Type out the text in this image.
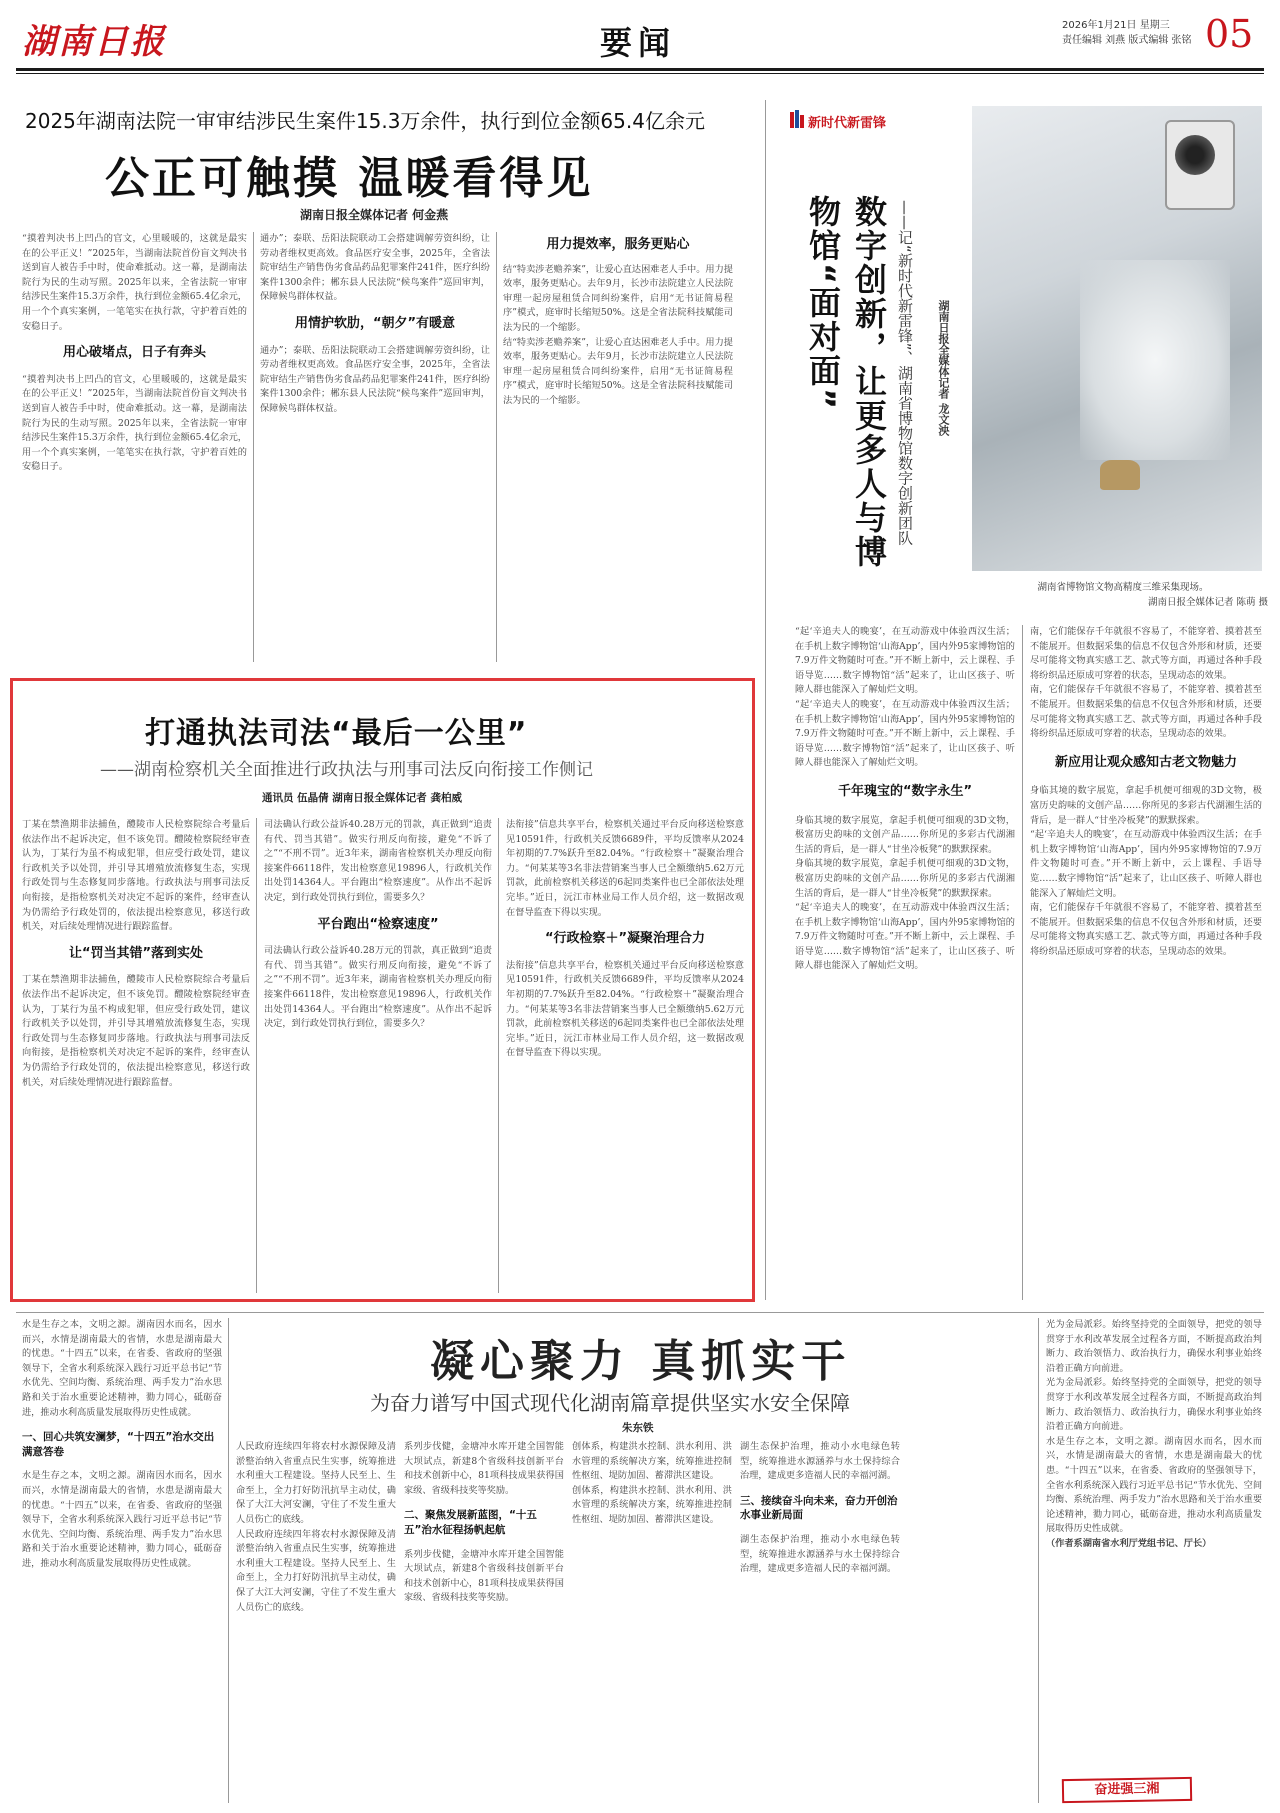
湖南日报	要闻	2026年1月21日 星期三
责任编辑 刘燕 版式编辑 张铭 05
2025年湖南法院一审审结涉民生案件15.3万余件，执行到位金额65.4亿余元
公正可触摸 温暖看得见
湖南日报全媒体记者 何金燕

“摸着判决书上凹凸的官文，心里暖暖的，这就是最实在的公平正义！”2025年，当湖南法院首份盲文判决书送到盲人被告手中时，使命难抵动。这一幕，是湖南法院行为民的生动写照。2025年以来，全省法院一审审结涉民生案件15.3万余件，执行到位金额65.4亿余元，用一个个真实案例，一笔笔实在执行款，守护着百姓的安稳日子。

用心破堵点，日子有奔头

“摸着判决书上凹凸的官文，心里暖暖的，这就是最实在的公平正义！”2025年，当湖南法院首份盲文判决书送到盲人被告手中时，使命难抵动。这一幕，是湖南法院行为民的生动写照。2025年以来，全省法院一审审结涉民生案件15.3万余件，执行到位金额65.4亿余元，用一个个真实案例，一笔笔实在执行款，守护着百姓的安稳日子。

通办”；泰联、岳阳法院联动工会搭建调解劳资纠纷，让劳动者维权更高效。食品医疗安全事，2025年，全省法院审结生产销售伪劣食品药品犯罪案件241件，医疗纠纷案件1300余件；郴东县人民法院“候鸟案件”巡回审判，保障候鸟群体权益。

用情护软肋，“朝夕”有暖意

通办”；泰联、岳阳法院联动工会搭建调解劳资纠纷，让劳动者维权更高效。食品医疗安全事，2025年，全省法院审结生产销售伪劣食品药品犯罪案件241件，医疗纠纷案件1300余件；郴东县人民法院“候鸟案件”巡回审判，保障候鸟群体权益。

用力提效率，服务更贴心

结“特卖涉老赡养案”，让爱心直达困难老人手中。用力提效率，服务更贴心。去年9月，长沙市法院建立人民法院审理一起房屋租赁合同纠纷案件，启用“无书证简易程序”模式，庭审时长缩短50%。这是全省法院科技赋能司法为民的一个缩影。

结“特卖涉老赡养案”，让爱心直达困难老人手中。用力提效率，服务更贴心。去年9月，长沙市法院建立人民法院审理一起房屋租赁合同纠纷案件，启用“无书证简易程序”模式，庭审时长缩短50%。这是全省法院科技赋能司法为民的一个缩影。

新时代新雷锋
数字创新，让更多人与博物馆“面对面”	——记“新时代新雷锋”、湖南省博物馆数字创新团队 湖南日报全媒体记者 龙文泱
湖南省博物馆文物高精度三维采集现场。
湖南日报全媒体记者 陈萌 摄

“起‘辛追夫人的晚宴’，在互动游戏中体验西汉生活；在手机上数字博物馆‘山海App’，国内外95家博物馆的7.9万件文物随时可查。”开不断上新中，云上课程、手语导览……数字博物馆“活”起来了，让山区孩子、听障人群也能深入了解灿烂文明。

“起‘辛追夫人的晚宴’，在互动游戏中体验西汉生活；在手机上数字博物馆‘山海App’，国内外95家博物馆的7.9万件文物随时可查。”开不断上新中，云上课程、手语导览……数字博物馆“活”起来了，让山区孩子、听障人群也能深入了解灿烂文明。

千年瑰宝的“数字永生”

身临其境的数字展览，拿起手机便可细观的3D文物，极富历史韵味的文创产品……你所见的多彩古代湖湘生活的背后，是一群人“甘坐冷板凳”的默默探索。

身临其境的数字展览，拿起手机便可细观的3D文物，极富历史韵味的文创产品……你所见的多彩古代湖湘生活的背后，是一群人“甘坐冷板凳”的默默探索。

“起‘辛追夫人的晚宴’，在互动游戏中体验西汉生活；在手机上数字博物馆‘山海App’，国内外95家博物馆的7.9万件文物随时可查。”开不断上新中，云上课程、手语导览……数字博物馆“活”起来了，让山区孩子、听障人群也能深入了解灿烂文明。

南，它们能保存千年就很不容易了，不能穿着、摸着甚至不能展开。但数据采集的信息不仅包含外形和材质，还要尽可能将文物真实感工艺、款式等方面，再通过各种手段将纷织品还原成可穿着的状态，呈现动态的效果。

南，它们能保存千年就很不容易了，不能穿着、摸着甚至不能展开。但数据采集的信息不仅包含外形和材质，还要尽可能将文物真实感工艺、款式等方面，再通过各种手段将纷织品还原成可穿着的状态，呈现动态的效果。

新应用让观众感知古老文物魅力

身临其境的数字展览，拿起手机便可细观的3D文物，极富历史韵味的文创产品……你所见的多彩古代湖湘生活的背后，是一群人“甘坐冷板凳”的默默探索。

“起‘辛追夫人的晚宴’，在互动游戏中体验西汉生活；在手机上数字博物馆‘山海App’，国内外95家博物馆的7.9万件文物随时可查。”开不断上新中，云上课程、手语导览……数字博物馆“活”起来了，让山区孩子、听障人群也能深入了解灿烂文明。

南，它们能保存千年就很不容易了，不能穿着、摸着甚至不能展开。但数据采集的信息不仅包含外形和材质，还要尽可能将文物真实感工艺、款式等方面，再通过各种手段将纷织品还原成可穿着的状态，呈现动态的效果。

打通执法司法“最后一公里”
——湖南检察机关全面推进行政执法与刑事司法反向衔接工作侧记
通讯员 伍晶倩 湖南日报全媒体记者 龚柏威

丁某在禁渔期非法捕鱼，醴陵市人民检察院综合考量后依法作出不起诉决定，但不该免罚。醴陵检察院经审查认为，丁某行为虽不构成犯罪，但应受行政处罚，建议行政机关予以处罚，并引导其增殖放流修复生态，实现行政处罚与生态修复同步落地。行政执法与刑事司法反向衔接，是指检察机关对决定不起诉的案件，经审查认为仍需给予行政处罚的，依法提出检察意见，移送行政机关，对后续处理情况进行跟踪监督。

让“罚当其错”落到实处

丁某在禁渔期非法捕鱼，醴陵市人民检察院综合考量后依法作出不起诉决定，但不该免罚。醴陵检察院经审查认为，丁某行为虽不构成犯罪，但应受行政处罚，建议行政机关予以处罚，并引导其增殖放流修复生态，实现行政处罚与生态修复同步落地。行政执法与刑事司法反向衔接，是指检察机关对决定不起诉的案件，经审查认为仍需给予行政处罚的，依法提出检察意见，移送行政机关，对后续处理情况进行跟踪监督。

司法确认行政公益诉40.28万元的罚款，真正做到“追责有代、罚当其错”。做实行刑反向衔接，避免“不诉了之”“不刑不罚”。近3年来，湖南省检察机关办理反向衔接案件66118件，发出检察意见19896人，行政机关作出处罚14364人。平台跑出“检察速度”。从作出不起诉决定，到行政处罚执行到位，需要多久？

平台跑出“检察速度”

司法确认行政公益诉40.28万元的罚款，真正做到“追责有代、罚当其错”。做实行刑反向衔接，避免“不诉了之”“不刑不罚”。近3年来，湖南省检察机关办理反向衔接案件66118件，发出检察意见19896人，行政机关作出处罚14364人。平台跑出“检察速度”。从作出不起诉决定，到行政处罚执行到位，需要多久？

法衔接”信息共享平台，检察机关通过平台反向移送检察意见10591件，行政机关反馈6689件，平均反馈率从2024年初期的7.7%跃升至82.04%。“行政检察＋”凝聚治理合力。“何某某等3名非法营销案当事人已全额缴纳5.62万元罚款，此前检察机关移送的6起同类案件也已全部依法处理完毕。”近日，沅江市林业局工作人员介绍，这一数据改观在督导监查下得以实现。

“行政检察＋”凝聚治理合力

法衔接”信息共享平台，检察机关通过平台反向移送检察意见10591件，行政机关反馈6689件，平均反馈率从2024年初期的7.7%跃升至82.04%。“行政检察＋”凝聚治理合力。“何某某等3名非法营销案当事人已全额缴纳5.62万元罚款，此前检察机关移送的6起同类案件也已全部依法处理完毕。”近日，沅江市林业局工作人员介绍，这一数据改观在督导监查下得以实现。

凝心聚力 真抓实干
为奋力谱写中国式现代化湖南篇章提供坚实水安全保障
朱东铁

水是生存之本，文明之源。湖南因水而名，因水而兴，水情是湖南最大的省情，水患是湖南最大的忧患。“十四五”以来，在省委、省政府的坚强领导下，全省水利系统深入践行习近平总书记“节水优先、空间均衡、系统治理、两手发力”治水思路和关于治水重要论述精神，勠力同心，砥砺奋进，推动水利高质量发展取得历史性成就。

一、回心共筑安澜梦，“十四五”治水交出满意答卷

水是生存之本，文明之源。湖南因水而名，因水而兴，水情是湖南最大的省情，水患是湖南最大的忧患。“十四五”以来，在省委、省政府的坚强领导下，全省水利系统深入践行习近平总书记“节水优先、空间均衡、系统治理、两手发力”治水思路和关于治水重要论述精神，勠力同心，砥砺奋进，推动水利高质量发展取得历史性成就。

人民政府连续四年将农村水源保障及清淤整治纳入省重点民生实事，统筹推进水利重大工程建设。坚持人民至上、生命至上，全力打好防汛抗旱主动仗，确保了大江大河安澜，守住了不发生重大人员伤亡的底线。

人民政府连续四年将农村水源保障及清淤整治纳入省重点民生实事，统筹推进水利重大工程建设。坚持人民至上、生命至上，全力打好防汛抗旱主动仗，确保了大江大河安澜，守住了不发生重大人员伤亡的底线。

系列步伐健，金塘冲水库开建全国智能大坝试点，新建8个省级科技创新平台和技术创新中心，81项科技成果获得国家级、省级科技奖等奖励。

二、聚焦发展新蓝图，“十五五”治水征程扬帆起航

系列步伐健，金塘冲水库开建全国智能大坝试点，新建8个省级科技创新平台和技术创新中心，81项科技成果获得国家级、省级科技奖等奖励。

创体系，构建洪水控制、洪水利用、洪水管理的系统解决方案，统筹推进控制性枢纽、堤防加固、蓄滞洪区建设。

创体系，构建洪水控制、洪水利用、洪水管理的系统解决方案，统筹推进控制性枢纽、堤防加固、蓄滞洪区建设。

湖生态保护治理，推动小水电绿色转型，统筹推进水源涵养与水土保持综合治理，建成更多造福人民的幸福河湖。

三、接续奋斗向未来，奋力开创治水事业新局面

湖生态保护治理，推动小水电绿色转型，统筹推进水源涵养与水土保持综合治理，建成更多造福人民的幸福河湖。

光为金局派彩。始终坚持党的全面领导，把党的领导贯穿于水利改革发展全过程各方面，不断提高政治判断力、政治领悟力、政治执行力，确保水利事业始终沿着正确方向前进。

光为金局派彩。始终坚持党的全面领导，把党的领导贯穿于水利改革发展全过程各方面，不断提高政治判断力、政治领悟力、政治执行力，确保水利事业始终沿着正确方向前进。

水是生存之本，文明之源。湖南因水而名，因水而兴，水情是湖南最大的省情，水患是湖南最大的忧患。“十四五”以来，在省委、省政府的坚强领导下，全省水利系统深入践行习近平总书记“节水优先、空间均衡、系统治理、两手发力”治水思路和关于治水重要论述精神，勠力同心，砥砺奋进，推动水利高质量发展取得历史性成就。

（作者系湖南省水利厅党组书记、厅长）

奋进强三湘
